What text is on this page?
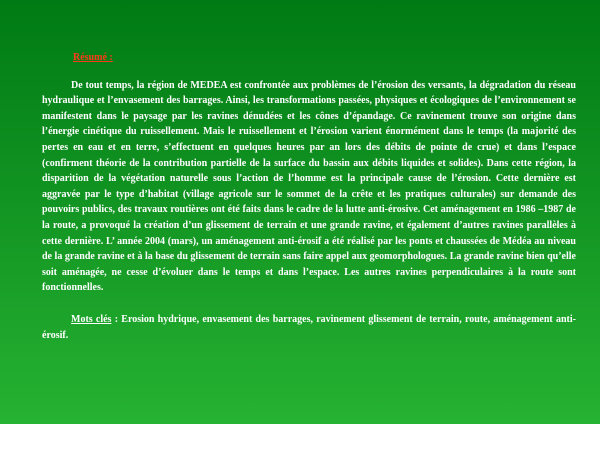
Résumé :

De tout temps, la région de MEDEA est confrontée aux problèmes de l’érosion des versants, la dégradation du réseau hydraulique et l’envasement des barrages. Ainsi, les transformations passées, physiques et écologiques de l’environnement se manifestent dans le paysage par les ravines dénudées et les cônes d’épandage. Ce ravinement trouve son origine dans l’énergie cinétique du ruissellement. Mais le ruissellement et l’érosion varient énormément dans le temps (la majorité des pertes en eau et en terre, s’effectuent en quelques heures par an lors des débits de pointe de crue) et dans l’espace (confirment théorie de la contribution partielle de la surface du bassin aux débits liquides et solides). Dans cette région, la disparition de la végétation naturelle sous l’action de l’homme est la principale cause de l’érosion. Cette dernière est aggravée par le type d’habitat (village agricole sur le sommet de la crête et les pratiques culturales) sur demande des pouvoirs publics, des travaux routières ont été faits dans le cadre de la lutte anti-érosive. Cet aménagement en 1986 –1987 de la route, a provoqué la création d’un glissement de terrain et une grande ravine, et également d’autres ravines parallèles à cette dernière. L’ année 2004 (mars), un aménagement anti-érosif a été réalisé par les ponts et chaussées de Médéa au niveau de la grande ravine et à la base du glissement de terrain sans faire appel aux geomorphologues. La grande ravine bien qu’elle soit aménagée, ne cesse d’évoluer dans le temps et dans l’espace. Les autres ravines perpendiculaires à la route sont fonctionnelles.

Mots clés : Erosion hydrique, envasement des barrages, ravinement glissement de terrain, route, aménagement anti-érosif.
